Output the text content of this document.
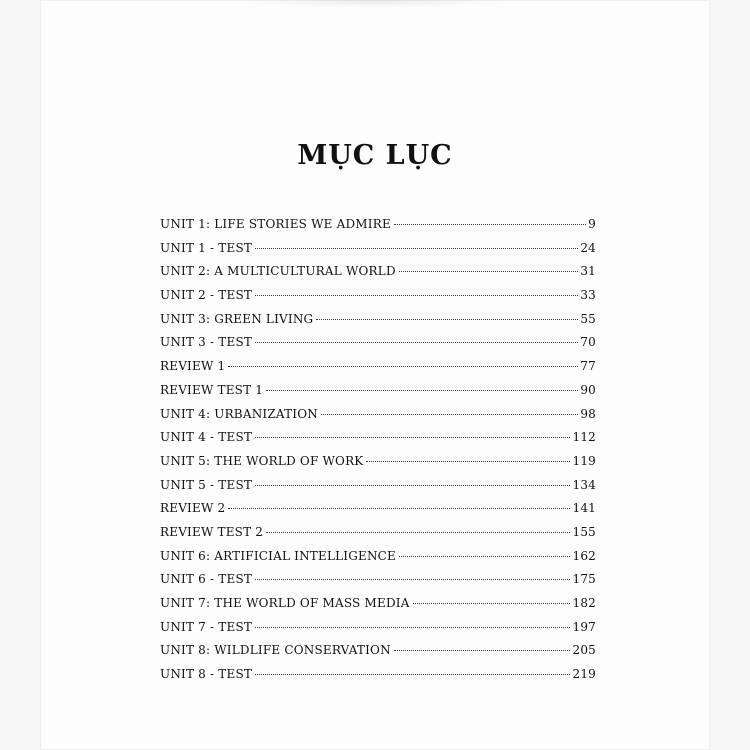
MỤC LỤC
UNIT 1: LIFE STORIES WE ADMIRE	9
UNIT 1 - TEST	24
UNIT 2: A MULTICULTURAL WORLD	31
UNIT 2 - TEST	33
UNIT 3: GREEN LIVING	55
UNIT 3 - TEST	70
REVIEW 1	77
REVIEW TEST 1	90
UNIT 4: URBANIZATION	98
UNIT 4 - TEST	112
UNIT 5: THE WORLD OF WORK	119
UNIT 5 - TEST	134
REVIEW 2	141
REVIEW TEST 2	155
UNIT 6: ARTIFICIAL INTELLIGENCE	162
UNIT 6 - TEST	175
UNIT 7: THE WORLD OF MASS MEDIA	182
UNIT 7 - TEST	197
UNIT 8: WILDLIFE CONSERVATION	205
UNIT 8 - TEST	219
